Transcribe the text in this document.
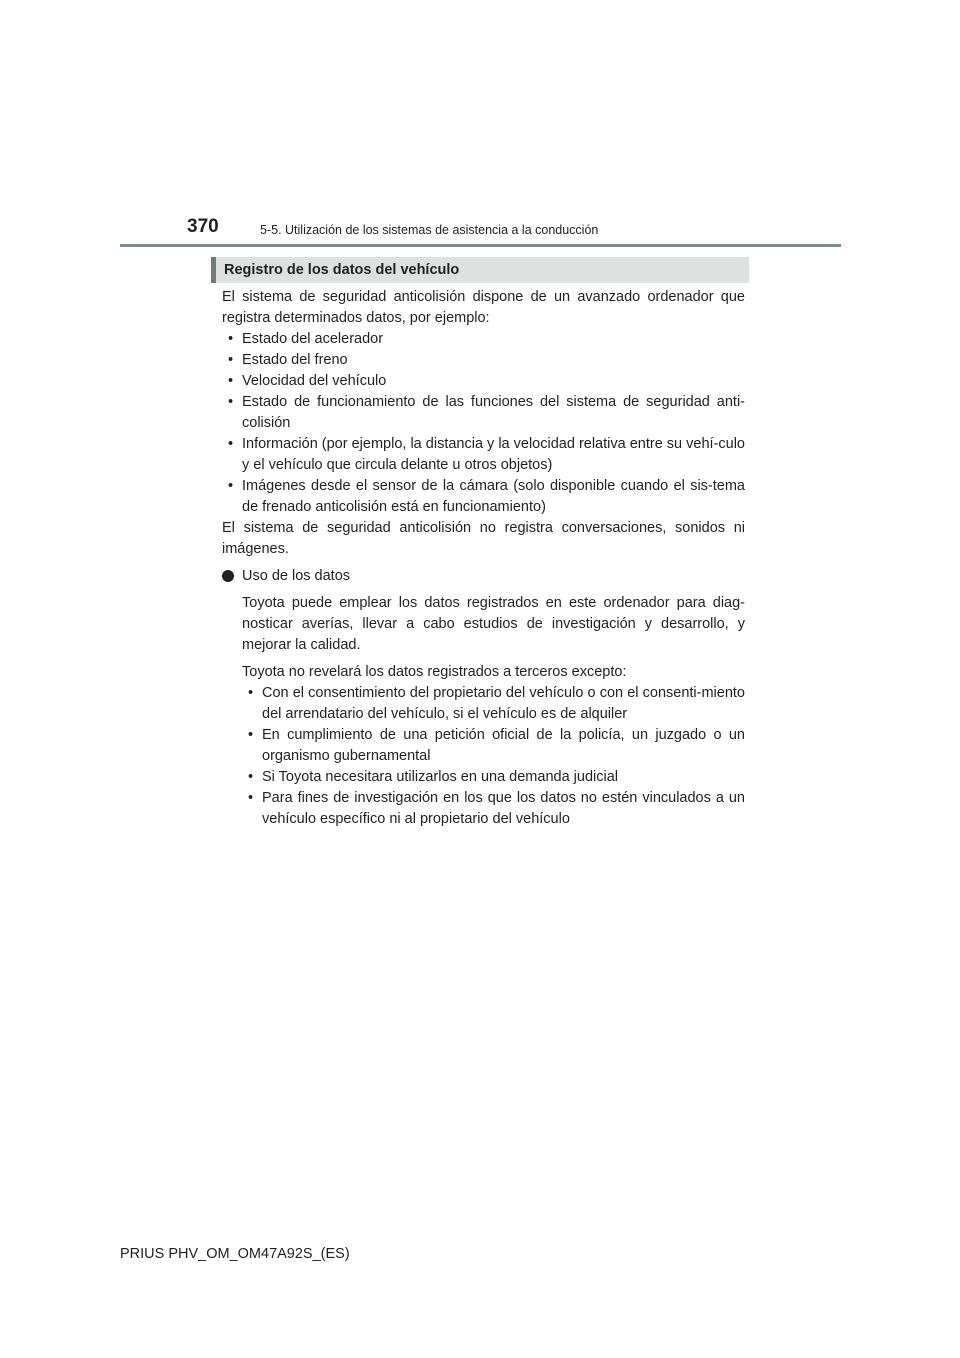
370	5-5. Utilización de los sistemas de asistencia a la conducción
Registro de los datos del vehículo

El sistema de seguridad anticolisión dispone de un avanzado ordenador que registra determinados datos, por ejemplo:

• Estado del acelerador
• Estado del freno
• Velocidad del vehículo
• Estado de funcionamiento de las funciones del sistema de seguridad anti-colisión
• Información (por ejemplo, la distancia y la velocidad relativa entre su vehí-culo y el vehículo que circula delante u otros objetos)
• Imágenes desde el sensor de la cámara (solo disponible cuando el sis-tema de frenado anticolisión está en funcionamiento)

El sistema de seguridad anticolisión no registra conversaciones, sonidos ni imágenes.

Uso de los datos

Toyota puede emplear los datos registrados en este ordenador para diag-nosticar averías, llevar a cabo estudios de investigación y desarrollo, y mejorar la calidad.

Toyota no revelará los datos registrados a terceros excepto:

• Con el consentimiento del propietario del vehículo o con el consenti-miento del arrendatario del vehículo, si el vehículo es de alquiler
• En cumplimiento de una petición oficial de la policía, un juzgado o un organismo gubernamental
• Si Toyota necesitara utilizarlos en una demanda judicial
• Para fines de investigación en los que los datos no estén vinculados a un vehículo específico ni al propietario del vehículo
PRIUS PHV_OM_OM47A92S_(ES)
